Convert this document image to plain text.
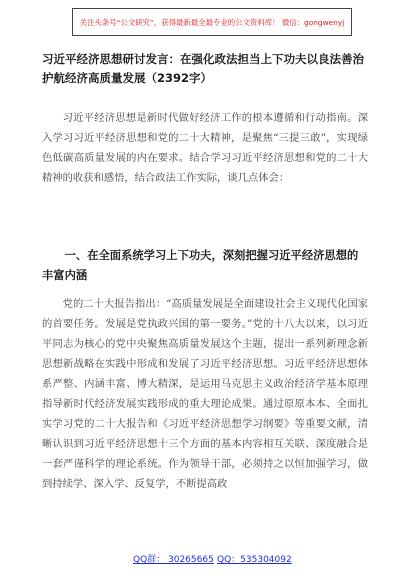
关注头条号“公文研究”，获得最新最全最专业的公文资料库！ 微信：gongwenyj
习近平经济思想研讨发言：在强化政法担当上下功夫以良法善治护航经济高质量发展（2392字）

习近平经济思想是新时代做好经济工作的根本遵循和行动指南。深入学习习近平经济思想和党的二十大精神，是聚焦“三提三敢”，实现绿色低碳高质量发展的内在要求。结合学习习近平经济思想和党的二十大精神的收获和感悟，结合政法工作实际，谈几点体会：

一、在全面系统学习上下功夫，深刻把握习近平经济思想的丰富内涵

党的二十大报告指出：“高质量发展是全面建设社会主义现代化国家的首要任务。发展是党执政兴国的第一要务。”党的十八大以来，以习近平同志为核心的党中央聚焦高质量发展这个主题，提出一系列新理念新思想新战略在实践中形成和发展了习近平经济思想。习近平经济思想体系严整、内涵丰富、博大精深，是运用马克思主义政治经济学基本原理指导新时代经济发展实践形成的重大理论成果。通过原原本本、全面扎实学习党的二十大报告和《习近平经济思想学习纲要》等重要文献，清晰认识到习近平经济思想十三个方面的基本内容相互关联、深度融合是一套严谨科学的理论系统。作为领导干部，必须持之以恒加强学习，做到持续学、深入学、反复学，不断提高政

QQ群： 30265665 QQ：535304092
